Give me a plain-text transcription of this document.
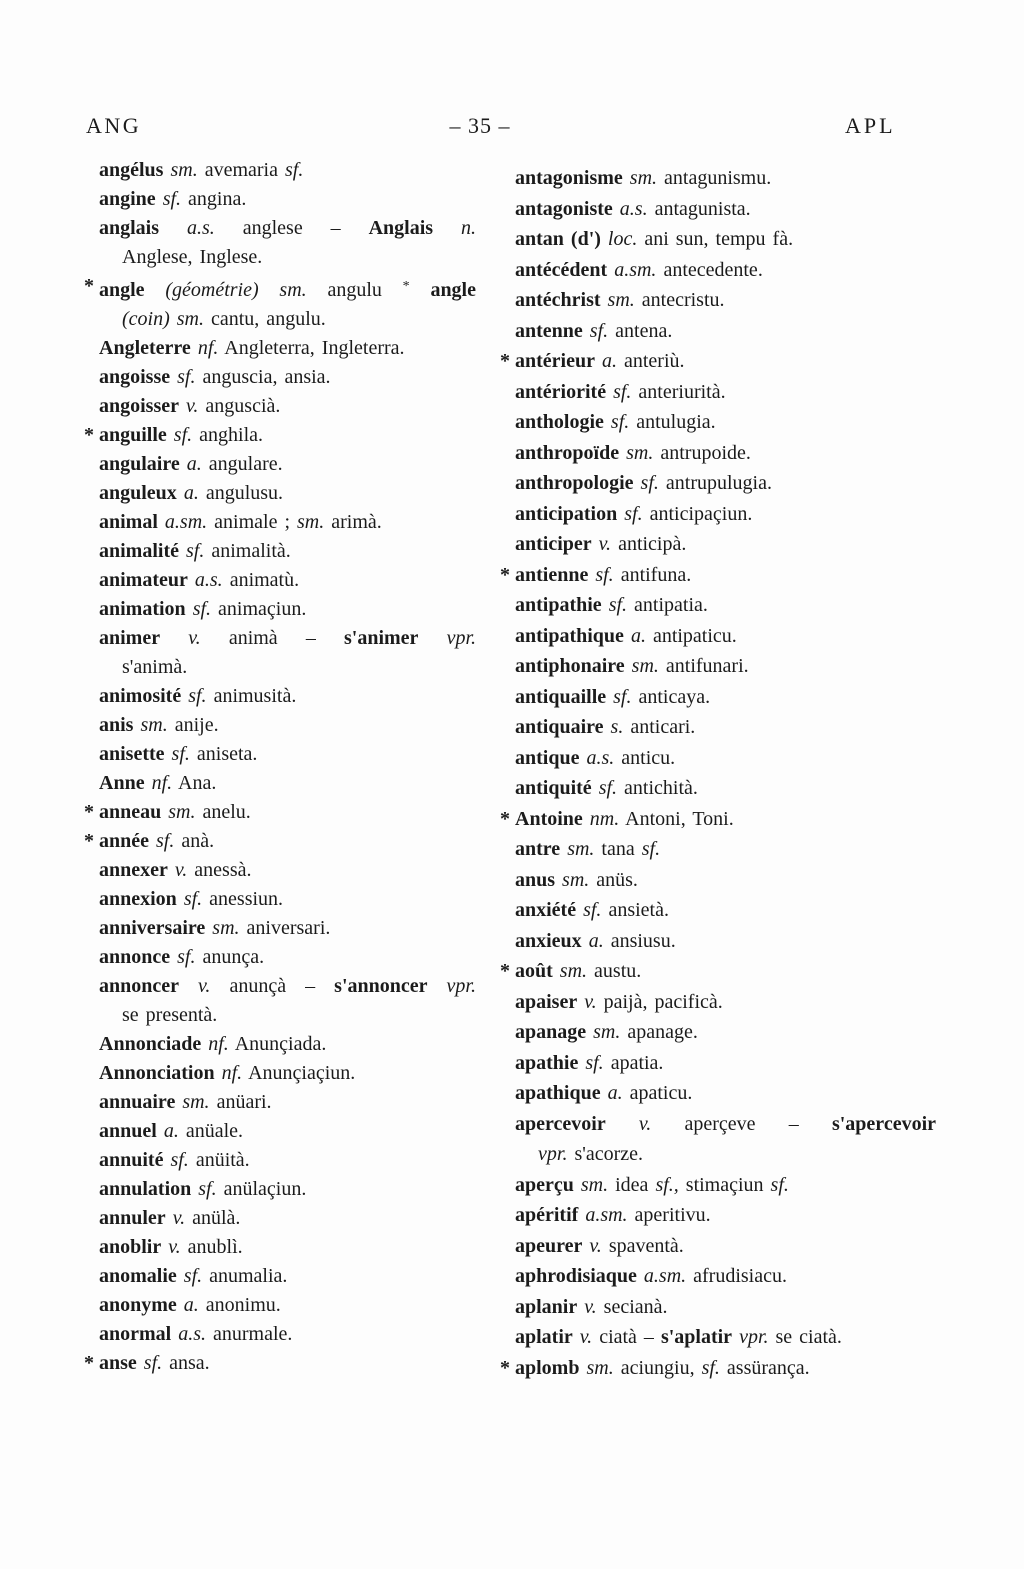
ANG	– 35 –	APL
angélus sm. avemaria sf.
angine sf. angina.
anglais a.s. anglese – Anglais n.
Anglese, Inglese.
* angle (géométrie) sm. angulu * angle
(coin) sm. cantu, angulu.
Angleterre nf. Angleterra, Ingleterra.
angoisse sf. anguscia, ansia.
angoisser v. anguscià.
* anguille sf. anghila.
angulaire a. angulare.
anguleux a. angulusu.
animal a.sm. animale ; sm. arimà.
animalité sf. animalità.
animateur a.s. animatù.
animation sf. animaçiun.
animer v. animà – s'animer vpr.
s'animà.
animosité sf. animusità.
anis sm. anije.
anisette sf. aniseta.
Anne nf. Ana.
* anneau sm. anelu.
* année sf. anà.
annexer v. anessà.
annexion sf. anessiun.
anniversaire sm. aniversari.
annonce sf. anunça.
annoncer v. anunçà – s'annoncer vpr.
se presentà.
Annonciade nf. Anunçiada.
Annonciation nf. Anunçiaçiun.
annuaire sm. anüari.
annuel a. anüale.
annuité sf. anüità.
annulation sf. anülaçiun.
annuler v. anülà.
anoblir v. anublì.
anomalie sf. anumalia.
anonyme a. anonimu.
anormal a.s. anurmale.
* anse sf. ansa.
antagonisme sm. antagunismu.
antagoniste a.s. antagunista.
antan (d') loc. ani sun, tempu fà.
antécédent a.sm. antecedente.
antéchrist sm. antecristu.
antenne sf. antena.
* antérieur a. anteriù.
antériorité sf. anteriurità.
anthologie sf. antulugia.
anthropoïde sm. antrupoide.
anthropologie sf. antrupulugia.
anticipation sf. anticipaçiun.
anticiper v. anticipà.
* antienne sf. antifuna.
antipathie sf. antipatia.
antipathique a. antipaticu.
antiphonaire sm. antifunari.
antiquaille sf. anticaya.
antiquaire s. anticari.
antique a.s. anticu.
antiquité sf. antichità.
* Antoine nm. Antoni, Toni.
antre sm. tana sf.
anus sm. anüs.
anxiété sf. ansietà.
anxieux a. ansiusu.
* août sm. austu.
apaiser v. paijà, pacificà.
apanage sm. apanage.
apathie sf. apatia.
apathique a. apaticu.
apercevoir v. aperçeve – s'apercevoir
vpr. s'acorze.
aperçu sm. idea sf., stimaçiun sf.
apéritif a.sm. aperitivu.
apeurer v. spaventà.
aphrodisiaque a.sm. afrudisiacu.
aplanir v. secianà.
aplatir v. ciatà – s'aplatir vpr. se ciatà.
* aplomb sm. aciungiu, sf. assürança.
